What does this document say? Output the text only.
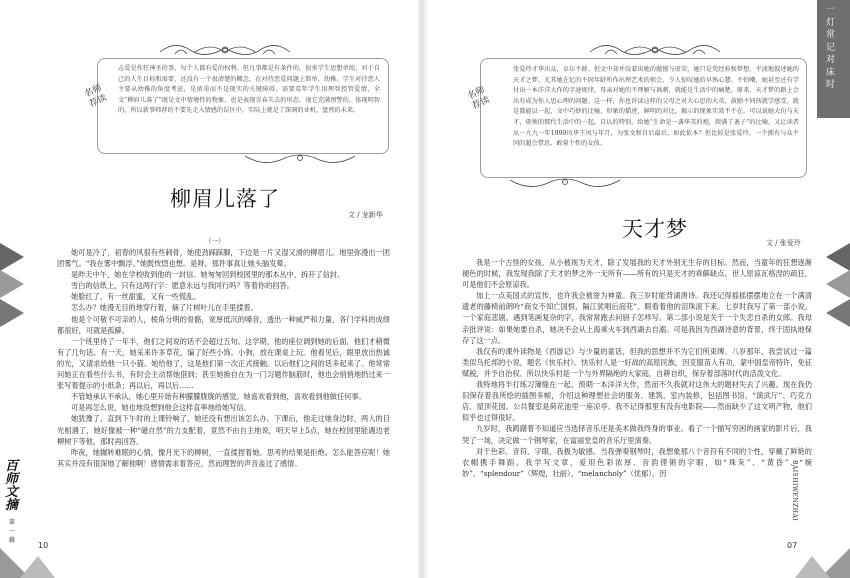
名师荐读
志爱是作狂神圣的事，每个人都有爱的权利。但凡事都是有条件的，很多学生思想单纯，对于自己的人生目标和需要，还没有一个很清楚的概念，在对待恋爱问题上简单、幼稚。学生对待恋人主要从幼稚的角度考虑，是浓重而不是现实的关键障碍，需要看年学生用理智控管爱情，全文“柳眉儿落了”既是文中情境性的物象，也是表现青春失去的形态，视它充满预警的，体现明智的，所以新事师荐的不要先走入情感的误区中，实际上就是了深刻的业机，盘然的未来。
柳眉儿落了
文 / 龙新华
（一）

她可是冷了，初春的风很有些刺骨，她使劲踩踩脚，下边是一片又湿又滑的柳眉儿。地里弥漫出一团团雾气。“我在雾中飘浮。”她既恍惚也想。是呀，那件事真让她头脑发晕。

是昨天中午，她在学校收到他的一封信。她匆匆回到校园里的那本丛中，拆开了信封。

雪白的信纸上，只有这两行字：愿意永远与我同行吗？等着你的回答。

她脸红了，有一丝甜蜜，又有一些慌乱。

怎么办？她漫无目的地穿行着，摘了片树叶儿在手里揉着。

他是个可敬不可亲的人，棱角分明的骨骼，宽厚低沉的嗓音，透出一种威严和力量，各门学科的成绩都很好，可就是孤僻。

一个班里待了一年半，他们之间说的话不会超过五句。这学期，他的座位调到她的后面，他们才稍微有了几句话。有一天，她采来许多草花，编了好些小饰。小狗，放在课桌上玩。他看见后，眼里放出热诚的光，又请求给他一只小猫。她给他了，这是他们第一次正式接触。以后他们之间的话多起来了。他常常问她正在看些什么书，有时会主动帮她借到；甚至她换自在为一门习题作脑筋时，他也会悄悄地扔过来一张写着提示的小纸条；再以后，再以后……

不管她承认不承认，她心里开始有种朦朦胧胧的感觉。她喜欢看到他，喜欢看到他做任何事。

可是再怎么说，她也地没想到他会这样直率地给她写信。

她犹豫了，直到下午时的上课铃响了，她还没有想出该怎么办。下课后，他走过她身边时，两人的目光相遇了，她好像被一种“磁自然”的力支配着，竟然不由自主地说，明天早上5点，她在校园里能遇边老柳树下等他，那时再回答。

昨夜，她辗转难眠的心情，像月光下的柳树，一直揉捏着她。思考的结果是拒绝。怎么能答应呢！她其实并没有很深地了解他啊！感情需求着答应，然而理智的声音盖过了感情。

百师文摘
第一辑
10
名师荐读
张爱玲才华出众，卓尔不群。但文中却并没着出她的傲慢与虚荣，她只是凭经验和梦想，平淡地叙述她的天才之梦。尤其她在忆的不同年龄所作出理艺术的领会，令人惊叹她的早熟心慧。不怕嘲，她甚至还有学付出一本洋洋大作的字速规律，母亲对她的不理解与讽刺，就能是生活中的痛楚，原来，天才梦的路上会出有成为你人思心理的问题。这一样，你也许读这样的父母之对大心思的大英，鼓励不同孩就学感受，就是都能以一起，文中巧妙的比喻、形象的描述，鲜明的对比，揭示的现象实效不不在。可以说她大份与天才，毋须的那代生活中的一起，自认的特别，给她“生命是一袭华美的袍，爬满了蚤子”的比喻，又让读者从一九九一年1999风华王凤与年月，为张文和自后最后，如此依本？但比较是张爱玲，一个拥有与众不同的超会惜思，敢量个性的女孩。

我是一个古怪的女孩，从小被视为天才，除了发展我的天才外别无生存的目标。然而，当童年的狂想逐渐褪色的时候，我发现我除了天才的梦之外一无所有——所有的只是天才的乖僻缺点。世人原谅瓦格涅的疏狂，可是他们不会原谅我。

加上一点美国式的宣传，也许我会被誉为神童。我三岁时能背诵唐诗。我还记得摇摇摆摆地立在一个满清遗老的藤椅前朗吟“商女不知亡国恨，隔江犹唱后庭花”，眼看着他的泪珠滚下来。七岁时我写了第一部小说，一个家庭悲剧。遇到笔画复杂的字，我常常跑去问厨子怎样写。第二部小说是关于一个失恋自杀的女郎。我母亲批评说：如果她要自杀，她决不会从上海乘火车到西湖去自溺。可是我因为西湖诗意的背景，终于固执地保存了这一点。

我仅有的课外读物是《西游记》与少量的童话，但我的思想并不为它们所束缚。八岁那年，我尝试过一篇类似乌托邦的小说，题名《快乐村》。快乐村人是一好战的高原民族，因克服苗人有功，蒙中国皇帝特许，免征赋税，并予自治权。所以快乐村是一个与外界隔绝的大家庭，自耕自织，保存着部落时代的活泼文化。

我特地将半打练习簿缝在一起，预期一本洋洋大作，然而不久我就对这伟大的题材失去了兴趣。现在我仍旧保存着我所绘的插图多帧，介绍这种理想社会的服务、建筑、室内装修，包括图书馆、“演武厅”、巧克力店、屋顶花园。公共餐室是荷花池里一座凉亭。我不记得那里有没有电影院——然而缺少了这文明产物，他们似乎也过得很好。

九岁时，我踌躇着不知道应当选择音乐还是美术做我终身的事业。看了一个描写穷困的画家的影片后，我哭了一场，决定做一个钢琴家，在富丽堂皇的音乐厅里演奏。

对于色彩、音符、字眼，我极为敏感。当我弹奏钢琴时，我想象那八个音符有不同的个性，穿戴了鲜艳的衣帽携手舞蹈。我学写文章，爱用色彩浓厚、音韵铿锵的字眼，如“珠灰”、“黄昏”、“婉妙”、“splendour”（辉煌，壮丽）、“melancholy”（忧郁），因

07
天才梦
文 / 张爱玲
一灯常记对床时
BAISHIWENZHAI
